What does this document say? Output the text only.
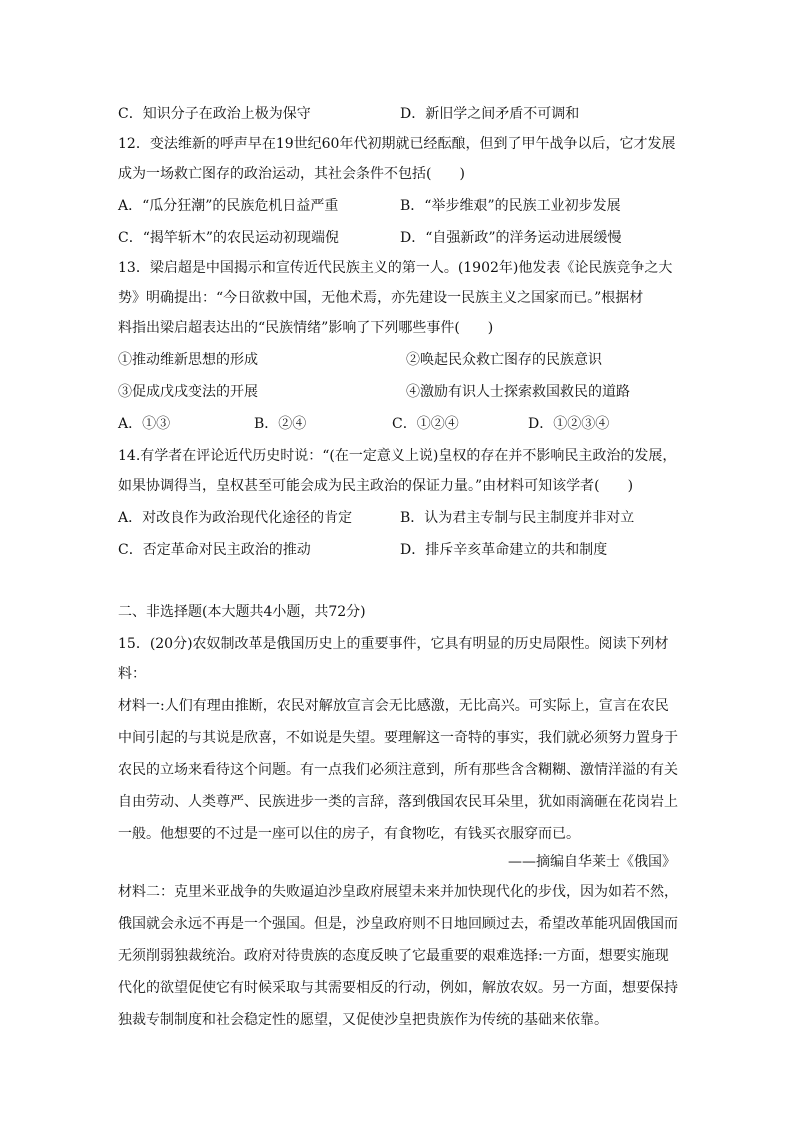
C．知识分子在政治上极为保守	D．新旧学之间矛盾不可调和
12．变法维新的呼声早在19世纪60年代初期就已经酝酿，但到了甲午战争以后，它才发展
成为一场救亡图存的政治运动，其社会条件不包括(　　)
A．“瓜分狂潮”的民族危机日益严重	B．“举步维艰”的民族工业初步发展
C．“揭竿斩木”的农民运动初现端倪	D．“自强新政”的洋务运动进展缓慢
13．梁启超是中国揭示和宣传近代民族主义的第一人。(1902年)他发表《论民族竞争之大
势》明确提出：“今日欲救中国，无他术焉，亦先建设一民族主义之国家而已。”根据材
料指出梁启超表达出的“民族情绪”影响了下列哪些事件(　　)
①推动维新思想的形成	②唤起民众救亡图存的民族意识
③促成戊戌变法的开展	④激励有识人士探索救国救民的道路
A．①③	B．②④	C．①②④	D．①②③④
14.有学者在评论近代历史时说：“(在一定意义上说)皇权的存在并不影响民主政治的发展，
如果协调得当，皇权甚至可能会成为民主政治的保证力量。”由材料可知该学者(　　)
A．对改良作为政治现代化途径的肯定	B．认为君主专制与民主制度并非对立
C．否定革命对民主政治的推动	D．排斥辛亥革命建立的共和制度
二、非选择题(本大题共4小题，共72分)
15．(20分)农奴制改革是俄国历史上的重要事件，它具有明显的历史局限性。阅读下列材
料：
材料一:人们有理由推断，农民对解放宣言会无比感激，无比高兴。可实际上，宣言在农民
中间引起的与其说是欣喜，不如说是失望。要理解这一奇特的事实，我们就必须努力置身于
农民的立场来看待这个问题。有一点我们必须注意到，所有那些含含糊糊、激情洋溢的有关
自由劳动、人类尊严、民族进步一类的言辞，落到俄国农民耳朵里，犹如雨滴砸在花岗岩上
一般。他想要的不过是一座可以住的房子，有食物吃，有钱买衣服穿而已。
——摘编自华莱士《俄国》
材料二：克里米亚战争的失败逼迫沙皇政府展望未来并加快现代化的步伐，因为如若不然，
俄国就会永远不再是一个强国。但是，沙皇政府则不日地回顾过去，希望改革能巩固俄国而
无须削弱独裁统治。政府对待贵族的态度反映了它最重要的艰难选择:一方面，想要实施现
代化的欲望促使它有时候采取与其需要相反的行动，例如，解放农奴。另一方面，想要保持
独裁专制制度和社会稳定性的愿望，又促使沙皇把贵族作为传统的基础来依靠。
